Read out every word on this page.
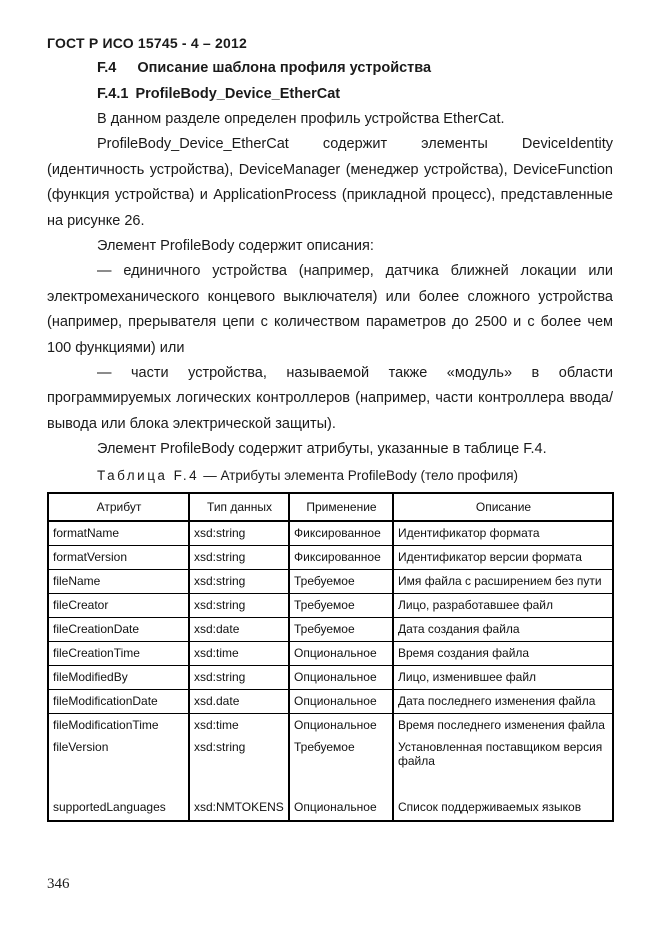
ГОСТ Р ИСО 15745 - 4 – 2012
F.4 Описание шаблона профиля устройства
F.4.1 ProfileBody_Device_EtherCat

В данном разделе определен профиль устройства EtherCat.

ProfileBody_Device_EtherCat содержит элементы DeviceIdentity (идентичность устройства), DeviceManager (менеджер устройства), DeviceFunction (функция устройства) и ApplicationProcess (прикладной процесс), представленные на рисунке 26.

Элемент ProfileBody содержит описания:

— единичного устройства (например, датчика ближней локации или электромеханического концевого выключателя) или более сложного устройства (например, прерывателя цепи с количеством параметров до 2500 и с более чем 100 функциями) или

— части устройства, называемой также «модуль» в области программируемых логических контроллеров (например, части контроллера ввода/вывода или блока электрической защиты).

Элемент ProfileBody содержит атрибуты, указанные в таблице F.4.

Таблица F.4 — Атрибуты элемента ProfileBody (тело профиля)
Атрибут	Тип данных	Применение	Описание
formatName	xsd:string	Фиксированное	Идентификатор формата
formatVersion	xsd:string	Фиксированное	Идентификатор версии формата
fileName	xsd:string	Требуемое	Имя файла с расширением без пути
fileCreator	xsd:string	Требуемое	Лицо, разработавшее файл
fileCreationDate	xsd:date	Требуемое	Дата создания файла
fileCreationTime	xsd:time	Опциональное	Время создания файла
fileModifiedBy	xsd:string	Опциональное	Лицо, изменившее файл
fileModificationDate	xsd.date	Опциональное	Дата последнего изменения файла
fileModificationTime	xsd:time	Опциональное	Время последнего изменения файла
fileVersion	xsd:string	Требуемое	Установленная поставщиком версия файла
supportedLanguages	xsd:NMTOKENS	Опциональное	Список поддерживаемых языков
346
